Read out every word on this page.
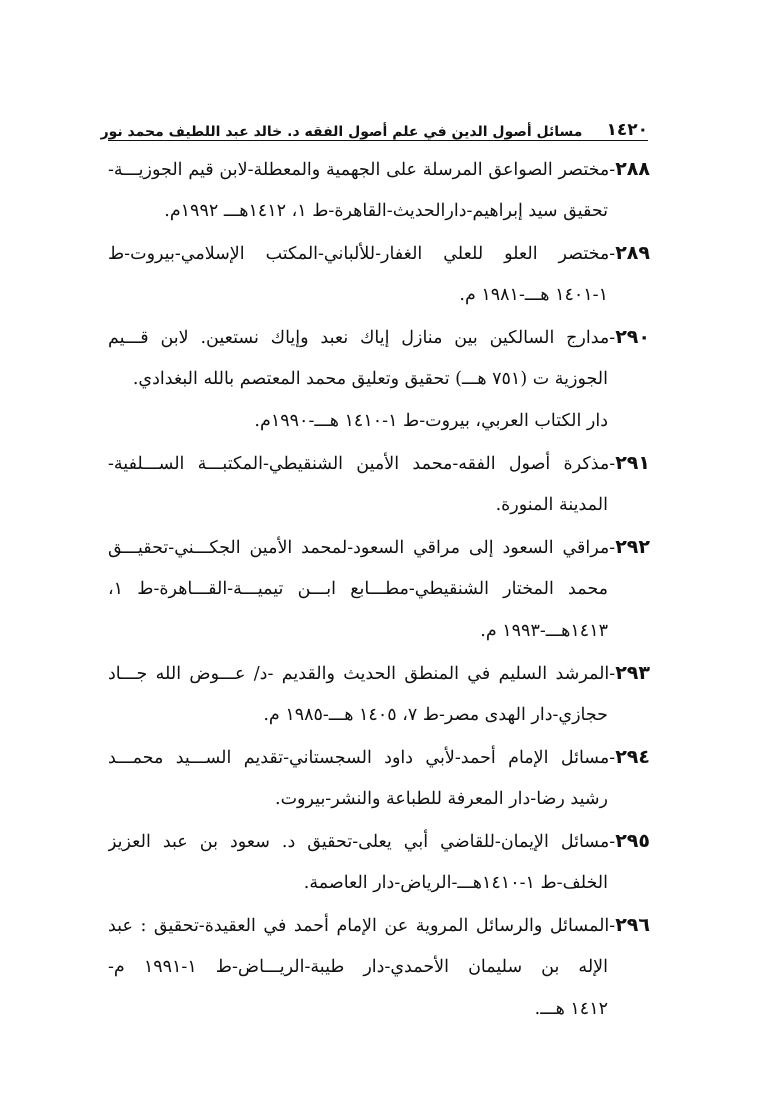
١٤٢٠
مسائل أصول الدين في علم أصول الفقه د. خالد عبد اللطيف محمد نور
٢٨٨-مختصر الصواعق المرسلة على الجهمية والمعطلة-لابن قيم الجوزيـــة-
تحقيق سيد إبراهيم-دارالحديث-القاهرة-ط ١، ١٤١٢هـــ ١٩٩٢م.
٢٨٩-مختصر العلو للعلي الغفار-للألباني-المكتب الإسلامي-بيروت-ط
١-١٤٠١ هـــ-١٩٨١ م.
٢٩٠-مدارج السالكين بين منازل إياك نعبد وإياك نستعين. لابن قـــيم
الجوزية ت (٧٥١ هـــ) تحقيق وتعليق محمد المعتصم بالله البغدادي.
دار الكتاب العربي، بيروت-ط ١-١٤١٠ هـــ-١٩٩٠م.
٢٩١-مذكرة أصول الفقه-محمد الأمين الشنقيطي-المكتبـــة الســـلفية-
المدينة المنورة.
٢٩٢-مراقي السعود إلى مراقي السعود-لمحمد الأمين الجكـــني-تحقيـــق
محمد المختار الشنقيطي-مطـــابع ابـــن تيميـــة-القـــاهرة-ط ١،
١٤١٣هـــ-١٩٩٣ م.
٢٩٣-المرشد السليم في المنطق الحديث والقديم -د/ عـــوض الله جـــاد
حجازي-دار الهدى مصر-ط ٧، ١٤٠٥ هـــ-١٩٨٥ م.
٢٩٤-مسائل الإمام أحمد-لأبي داود السجستاني-تقديم الســـيد محمـــد
رشيد رضا-دار المعرفة للطباعة والنشر-بيروت.
٢٩٥-مسائل الإيمان-للقاضي أبي يعلى-تحقيق د. سعود بن عبد العزيز
الخلف-ط ١-١٤١٠هـــ-الرياض-دار العاصمة.
٢٩٦-المسائل والرسائل المروية عن الإمام أحمد في العقيدة-تحقيق : عبد
الإله بن سليمان الأحمدي-دار طيبة-الريـــاض-ط ١-١٩٩١ م-
١٤١٢ هـــ.
